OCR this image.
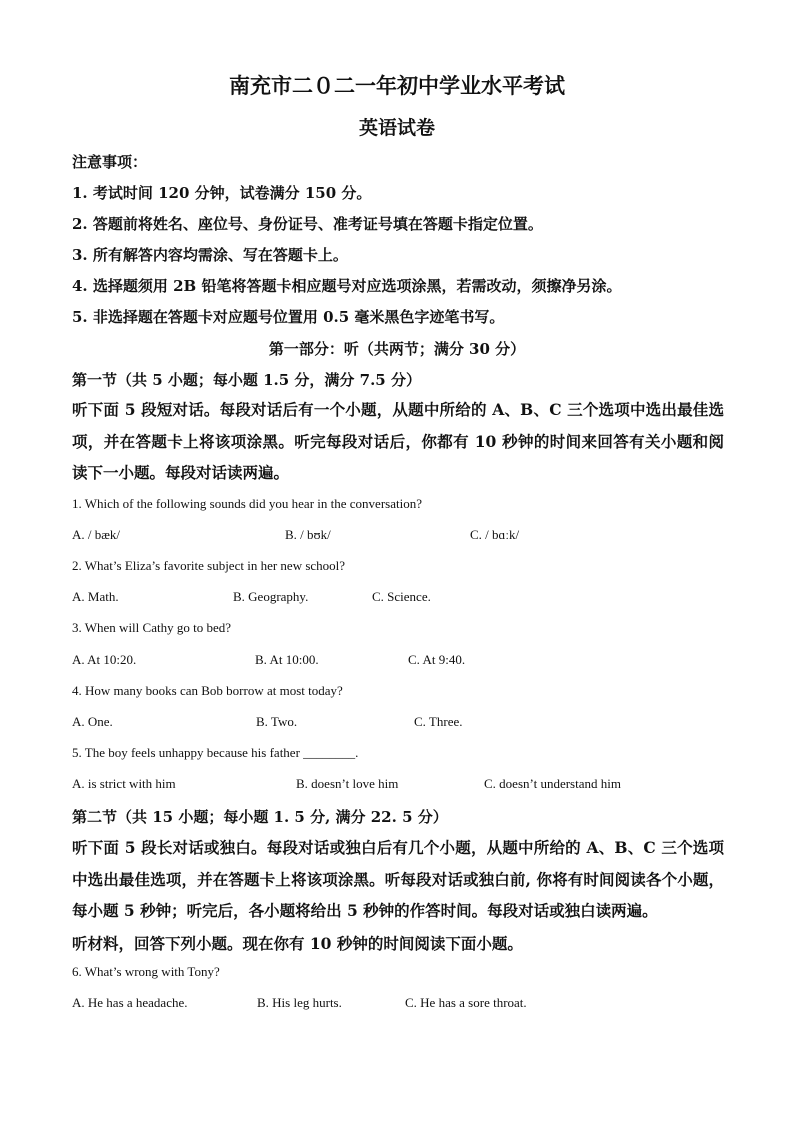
南充市二０二一年初中学业水平考试
英语试卷
注意事项：
1. 考试时间 120 分钟，试卷满分 150 分。
2. 答题前将姓名、座位号、身份证号、准考证号填在答题卡指定位置。
3. 所有解答内容均需涂、写在答题卡上。
4. 选择题须用 2B 铅笔将答题卡相应题号对应选项涂黑，若需改动，须擦净另涂。
5. 非选择题在答题卡对应题号位置用 0.5 毫米黑色字迹笔书写。
第一部分：听（共两节；满分 30 分）
第一节（共 5 小题；每小题 1.5 分，满分 7.5 分）
听下面 5 段短对话。每段对话后有一个小题，从题中所给的 A、B、C 三个选项中选出最佳选项，并在答题卡上将该项涂黑。听完每段对话后，你都有 10 秒钟的时间来回答有关小题和阅读下一小题。每段对话读两遍。
1. Which of the following sounds did you hear in the conversation?
A. / bæk/	B. / bʊk/	C. / bɑːk/
2. What’s Eliza’s favorite subject in her new school?
A. Math.	B. Geography.	C. Science.
3. When will Cathy go to bed?
A. At 10:20.	B. At 10:00.	C. At 9:40.
4. How many books can Bob borrow at most today?
A. One.	B. Two.	C. Three.
5. The boy feels unhappy because his father ________.
A. is strict with him	B. doesn’t love him	C. doesn’t understand him
第二节（共 15 小题；每小题 1. 5 分, 满分 22. 5 分）
听下面 5 段长对话或独白。每段对话或独白后有几个小题，从题中所给的 A、B、C 三个选项中选出最佳选项，并在答题卡上将该项涂黑。听每段对话或独白前, 你将有时间阅读各个小题，每小题 5 秒钟；听完后，各小题将给出 5 秒钟的作答时间。每段对话或独白读两遍。
听材料，回答下列小题。现在你有 10 秒钟的时间阅读下面小题。
6. What’s wrong with Tony?
A. He has a headache.	B. His leg hurts.	C. He has a sore throat.
